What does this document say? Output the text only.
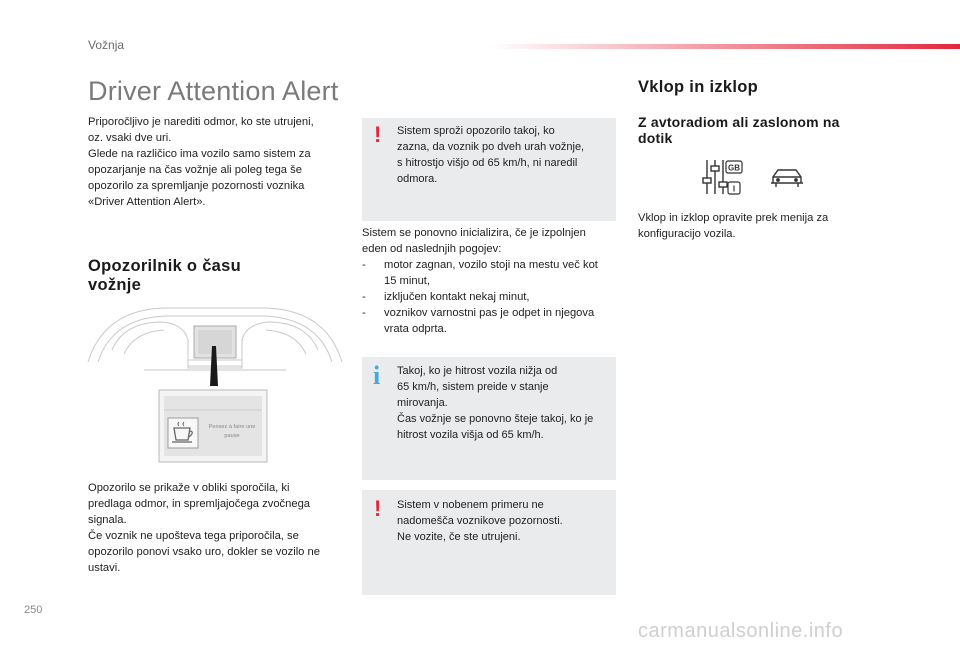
Vožnja
Driver Attention Alert

Priporočljivo je narediti odmor, ko ste utrujeni,

oz. vsaki dve uri.

Glede na različico ima vozilo samo sistem za

opozarjanje na čas vožnje ali poleg tega še

opozorilo za spremljanje pozornosti voznika

«Driver Attention Alert».

Opozorilnik o času
vožnje
Pensez à faire une
pause

Opozorilo se prikaže v obliki sporočila, ki

predlaga odmor, in spremljajočega zvočnega

signala.

Če voznik ne upošteva tega priporočila, se

opozorilo ponovi vsako uro, dokler se vozilo ne

ustavi.

! Sistem sproži opozorilo takoj, ko

zazna, da voznik po dveh urah vožnje,

s hitrostjo višjo od 65 km/h, ni naredil

odmora.

Sistem se ponovno inicializira, če je izpolnjen

eden od naslednjih pogojev:

- motor zagnan, vozilo stoji na mestu več kot

15 minut,

- izključen kontakt nekaj minut,

- voznikov varnostni pas je odpet in njegova

vrata odprta.

i Takoj, ko je hitrost vozila nižja od

65 km/h, sistem preide v stanje

mirovanja.

Čas vožnje se ponovno šteje takoj, ko je

hitrost vozila višja od 65 km/h.

! Sistem v nobenem primeru ne

nadomešča voznikove pozornosti.

Ne vozite, če ste utrujeni.

Vklop in izklop
Z avtoradiom ali zaslonom na
dotik
GB
I

Vklop in izklop opravite prek menija za

konfiguracijo vozila.

250
carmanualsonline.info
